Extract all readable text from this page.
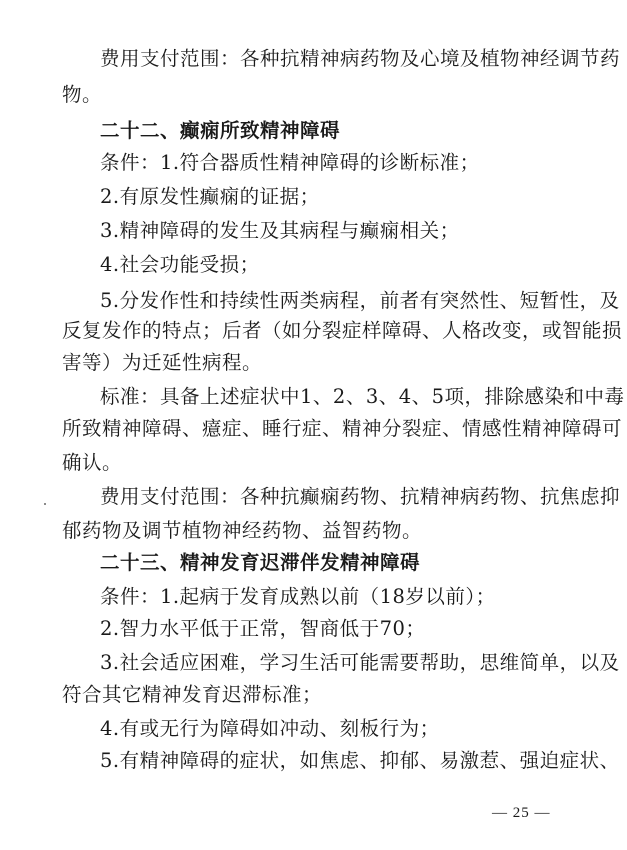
费用支付范围：各种抗精神病药物及心境及植物神经调节药
物。
二十二、癫痫所致精神障碍
条件：1.符合器质性精神障碍的诊断标准；
2.有原发性癫痫的证据；
3.精神障碍的发生及其病程与癫痫相关；
4.社会功能受损；
5.分发作性和持续性两类病程，前者有突然性、短暂性，及
反复发作的特点；后者（如分裂症样障碍、人格改变，或智能损
害等）为迁延性病程。
标准：具备上述症状中1、2、3、4、5项，排除感染和中毒
所致精神障碍、癔症、睡行症、精神分裂症、情感性精神障碍可
确认。
费用支付范围：各种抗癫痫药物、抗精神病药物、抗焦虑抑
郁药物及调节植物神经药物、益智药物。
二十三、精神发育迟滞伴发精神障碍
条件：1.起病于发育成熟以前（18岁以前）；
2.智力水平低于正常，智商低于70；
3.社会适应困难，学习生活可能需要帮助，思维简单，以及
符合其它精神发育迟滞标准；
4.有或无行为障碍如冲动、刻板行为；
5.有精神障碍的症状，如焦虑、抑郁、易激惹、强迫症状、
— 25 —
